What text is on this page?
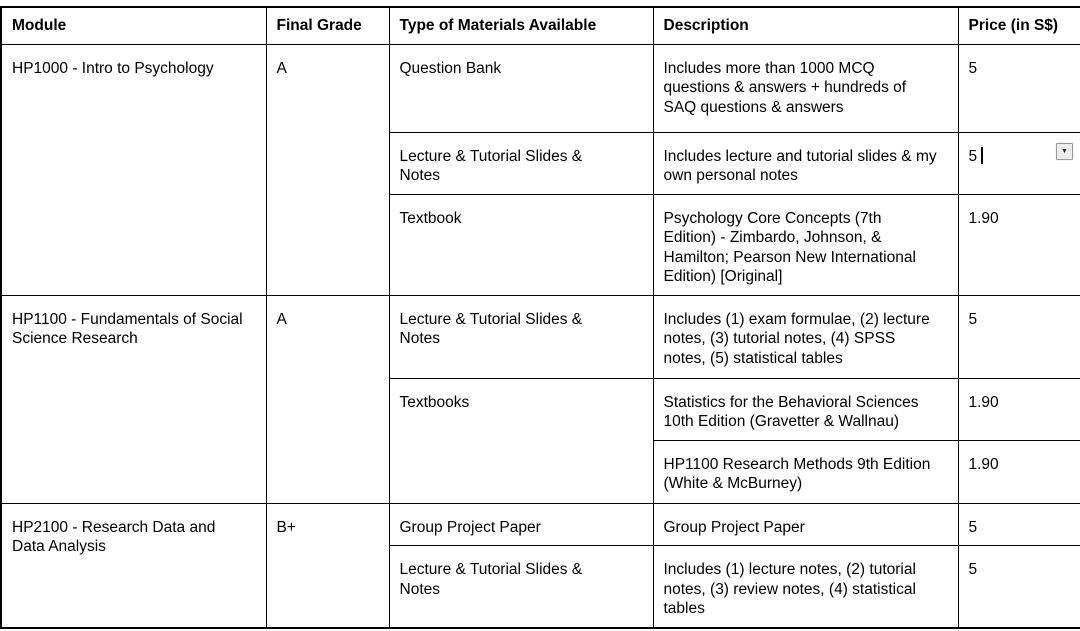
Module	Final Grade	Type of Materials Available	Description	Price (in S$)
HP1000 - Intro to Psychology	A	Question Bank	Includes more than 1000 MCQ questions & answers + hundreds of SAQ questions & answers	5
		Lecture & Tutorial Slides & Notes	Includes lecture and tutorial slides & my own personal notes	5
		Textbook	Psychology Core Concepts (7th Edition) - Zimbardo, Johnson, & Hamilton; Pearson New International Edition) [Original]	1.90
HP1100 - Fundamentals of Social Science Research	A	Lecture & Tutorial Slides & Notes	Includes (1) exam formulae, (2) lecture notes, (3) tutorial notes, (4) SPSS notes, (5) statistical tables	5
		Textbooks	Statistics for the Behavioral Sciences 10th Edition (Gravetter & Wallnau)	1.90
			HP1100 Research Methods 9th Edition (White & McBurney)	1.90
HP2100 - Research Data and Data Analysis	B+	Group Project Paper	Group Project Paper	5
		Lecture & Tutorial Slides & Notes	Includes (1) lecture notes, (2) tutorial notes, (3) review notes, (4) statistical tables	5
▼
